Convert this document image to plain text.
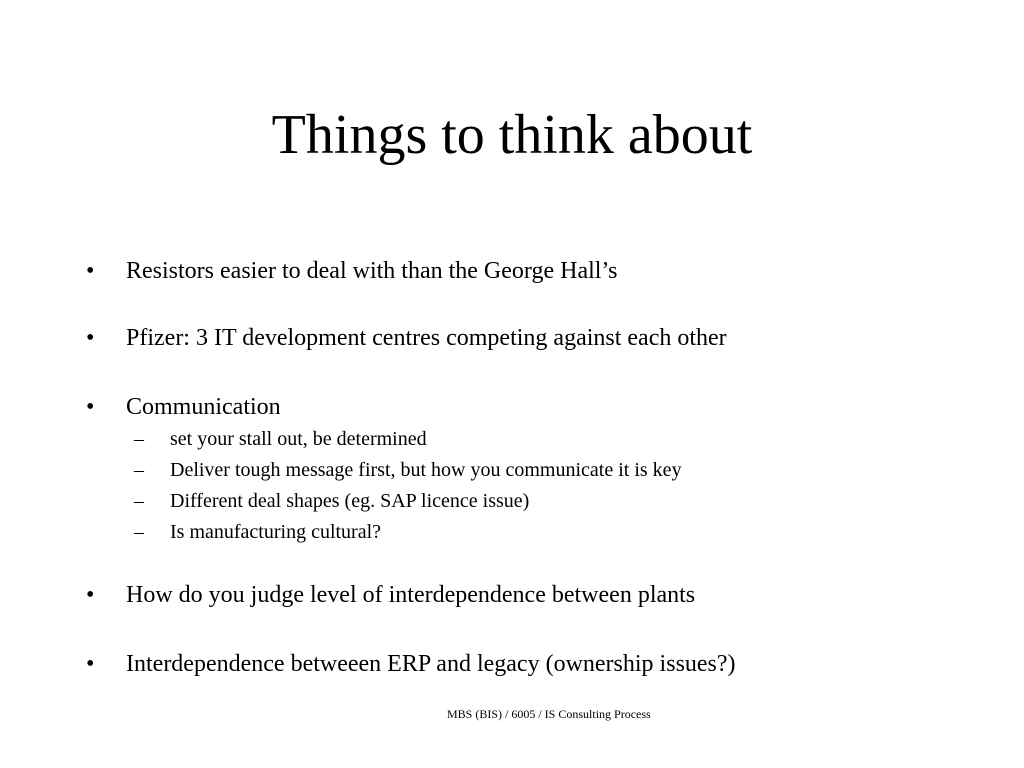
Things to think about
• Resistors easier to deal with than the George Hall’s
• Pfizer: 3 IT development centres competing against each other
• Communication
– set your stall out, be determined
– Deliver tough message first, but how you communicate it is key
– Different deal shapes (eg. SAP licence issue)
– Is manufacturing cultural?
• How do you judge level of interdependence between plants
• Interdependence betweeen ERP and legacy (ownership issues?)
MBS (BIS) / 6005 / IS Consulting Process
